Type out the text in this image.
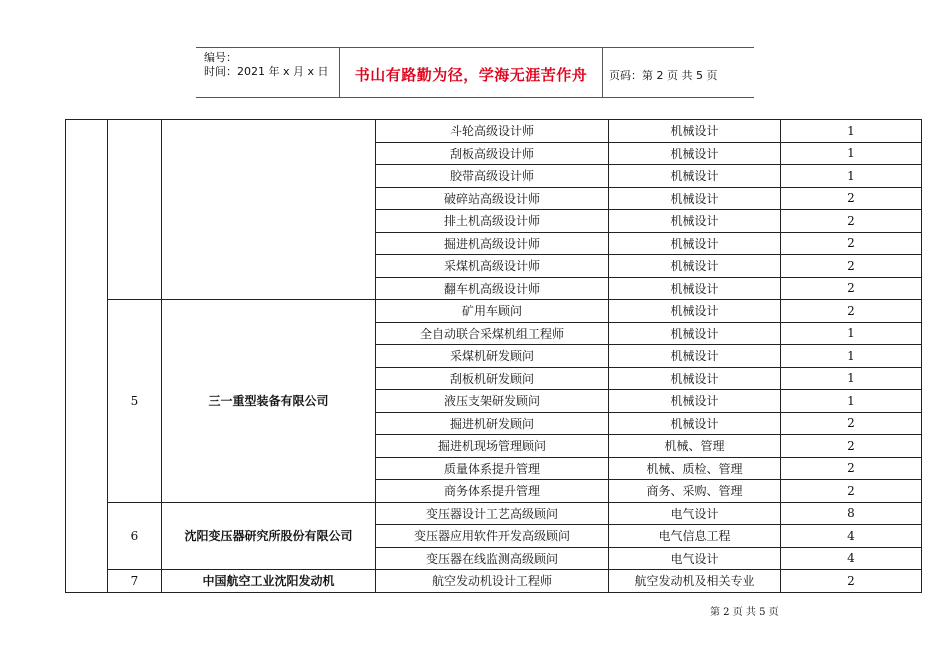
编号：
时间：2021 年 x 月 x 日	书山有路勤为径，学海无涯苦作舟	页码：第 2 页 共 5 页
			斗轮高级设计师	机械设计	1
			刮板高级设计师	机械设计	1
			胶带高级设计师	机械设计	1
			破碎站高级设计师	机械设计	2
			排土机高级设计师	机械设计	2
			掘进机高级设计师	机械设计	2
			采煤机高级设计师	机械设计	2
			翻车机高级设计师	机械设计	2
	5	三一重型装备有限公司	矿用车顾问	机械设计	2
			全自动联合采煤机组工程师	机械设计	1
			采煤机研发顾问	机械设计	1
			刮板机研发顾问	机械设计	1
			液压支架研发顾问	机械设计	1
			掘进机研发顾问	机械设计	2
			掘进机现场管理顾问	机械、管理	2
			质量体系提升管理	机械、质检、管理	2
			商务体系提升管理	商务、采购、管理	2
	6	沈阳变压器研究所股份有限公司	变压器设计工艺高级顾问	电气设计	8
			变压器应用软件开发高级顾问	电气信息工程	4
			变压器在线监测高级顾问	电气设计	4
	7	中国航空工业沈阳发动机	航空发动机设计工程师	航空发动机及相关专业	2
第 2 页 共 5 页
